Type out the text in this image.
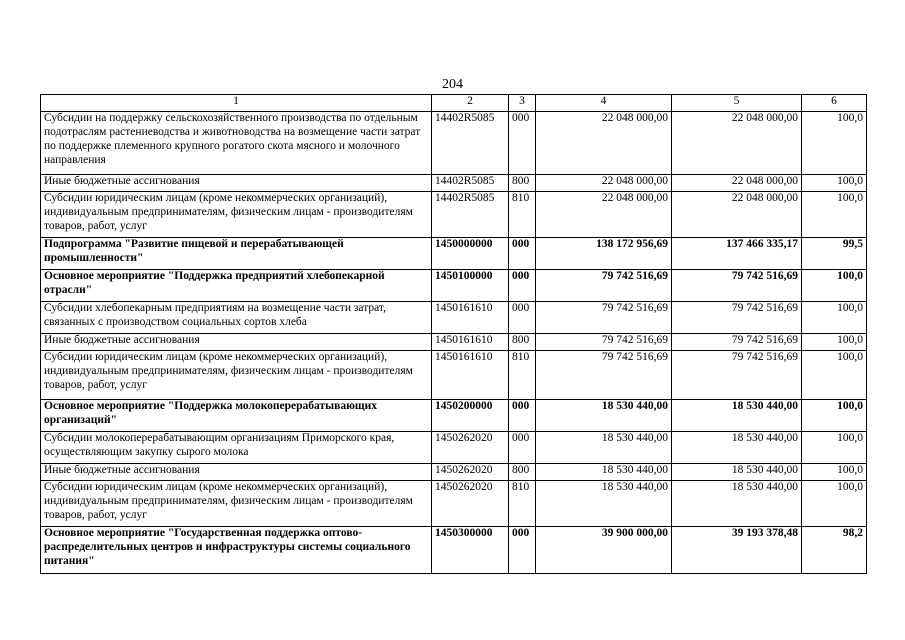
204
1	2	3	4	5	6
Субсидии на поддержку сельскохозяйственного производства по отдельным подотраслям растениеводства и животноводства на возмещение части затрат по поддержке племенного крупного рогатого скота мясного и молочного направления	14402R5085	000	22 048 000,00	22 048 000,00	100,0
Иные бюджетные ассигнования	14402R5085	800	22 048 000,00	22 048 000,00	100,0
Субсидии юридическим лицам (кроме некоммерческих организаций), индивидуальным предпринимателям, физическим лицам - производителям товаров, работ, услуг	14402R5085	810	22 048 000,00	22 048 000,00	100,0
Подпрограмма "Развитие пищевой и перерабатывающей промышленности"	1450000000	000	138 172 956,69	137 466 335,17	99,5
Основное мероприятие "Поддержка предприятий хлебопекарной отрасли"	1450100000	000	79 742 516,69	79 742 516,69	100,0
Субсидии хлебопекарным предприятиям на возмещение части затрат, связанных с производством социальных сортов хлеба	1450161610	000	79 742 516,69	79 742 516,69	100,0
Иные бюджетные ассигнования	1450161610	800	79 742 516,69	79 742 516,69	100,0
Субсидии юридическим лицам (кроме некоммерческих организаций), индивидуальным предпринимателям, физическим лицам - производителям товаров, работ, услуг	1450161610	810	79 742 516,69	79 742 516,69	100,0
Основное мероприятие "Поддержка молокоперерабатывающих организаций"	1450200000	000	18 530 440,00	18 530 440,00	100,0
Субсидии молокоперерабатывающим организациям Приморского края, осуществляющим закупку сырого молока	1450262020	000	18 530 440,00	18 530 440,00	100,0
Иные бюджетные ассигнования	1450262020	800	18 530 440,00	18 530 440,00	100,0
Субсидии юридическим лицам (кроме некоммерческих организаций), индивидуальным предпринимателям, физическим лицам - производителям товаров, работ, услуг	1450262020	810	18 530 440,00	18 530 440,00	100,0
Основное мероприятие "Государственная поддержка оптово-распределительных центров и инфраструктуры системы социального питания"	1450300000	000	39 900 000,00	39 193 378,48	98,2
